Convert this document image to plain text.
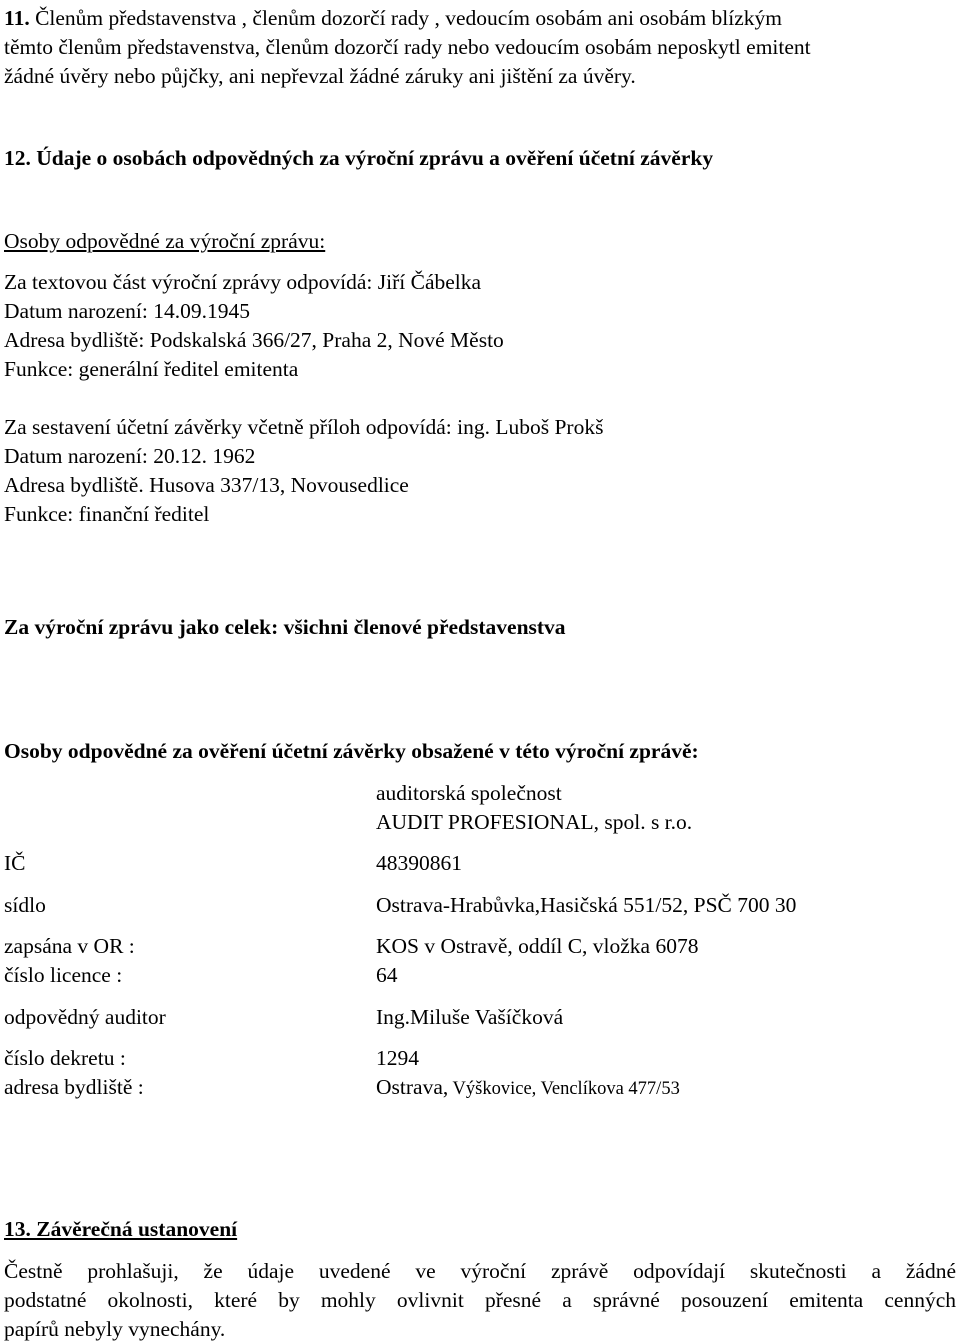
11. Členům představenstva , členům dozorčí rady , vedoucím osobám ani osobám blízkým
těmto členům představenstva, členům dozorčí rady nebo vedoucím osobám neposkytl emitent
žádné úvěry nebo půjčky, ani nepřevzal žádné záruky ani jištění za úvěry.
12. Údaje o osobách odpovědných za výroční zprávu a ověření účetní závěrky
Osoby odpovědné za výroční zprávu:
Za textovou část výroční zprávy odpovídá: Jiří Čábelka
Datum narození: 14.09.1945
Adresa bydliště: Podskalská 366/27, Praha 2, Nové Město
Funkce: generální ředitel emitenta
Za sestavení účetní závěrky včetně příloh odpovídá: ing. Luboš Prokš
Datum narození: 20.12. 1962
Adresa bydliště. Husova 337/13, Novousedlice
Funkce: finanční ředitel
Za výroční zprávu jako celek: všichni členové představenstva
Osoby odpovědné za ověření účetní závěrky obsažené v této výroční zprávě:
auditorská společnost
AUDIT PROFESIONAL, spol. s r.o.
IČ	48390861
sídlo	Ostrava-Hrabůvka,Hasičská 551/52, PSČ 700 30
zapsána v OR :	KOS v Ostravě, oddíl C, vložka 6078
číslo licence :	64
odpovědný auditor	Ing.Miluše Vašíčková
číslo dekretu :	1294
adresa bydliště :	Ostrava, Výškovice, Venclíkova 477/53
13. Závěrečná ustanovení
Čestně prohlašuji, že údaje uvedené ve výroční zprávě odpovídají skutečnosti a žádné
podstatné okolnosti, které by mohly ovlivnit přesné a správné posouzení emitenta cenných
papírů nebyly vynechány.
